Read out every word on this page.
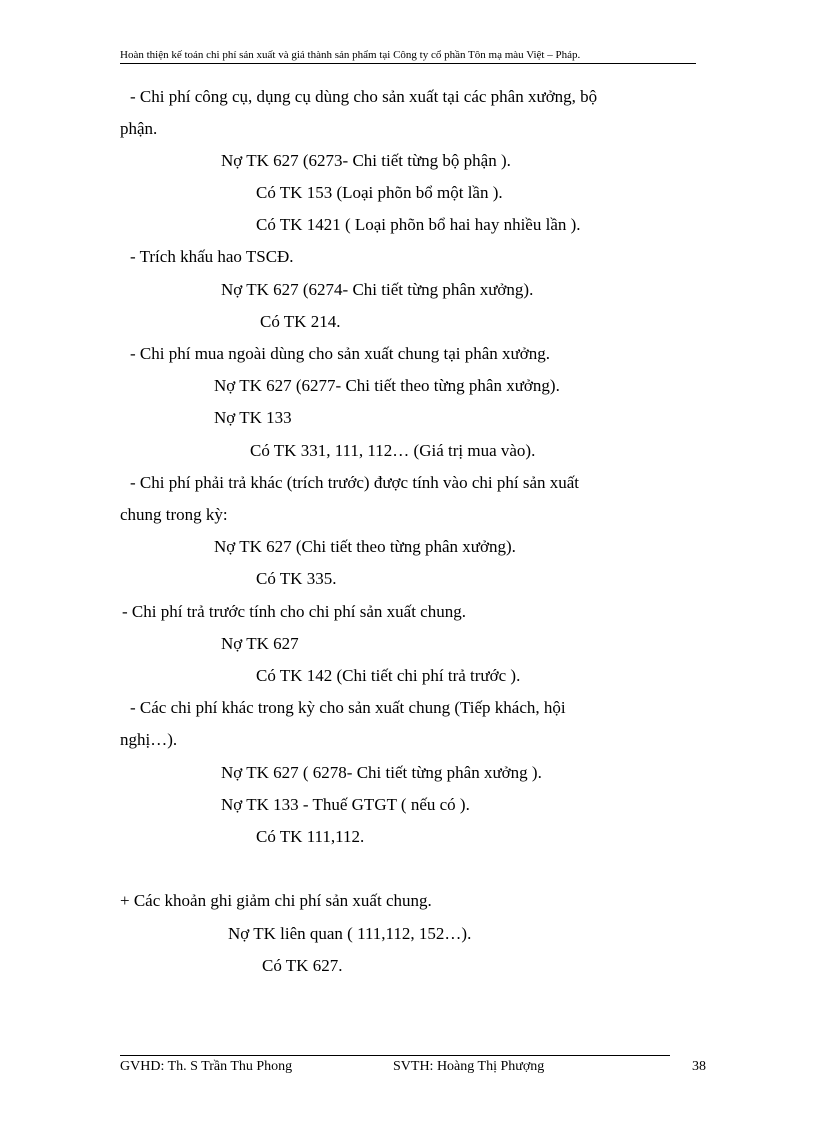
Hoàn thiện kế toán chi phí sản xuất và giá thành sản phẩm tại Công ty cổ phần Tôn mạ màu Việt – Pháp.
- Chi phí công cụ, dụng cụ dùng cho sản xuất tại các phân xưởng, bộ
phận.
Nợ TK 627 (6273- Chi tiết từng bộ phận ).
Có TK 153 (Loại phõn bổ một lần ).
Có TK 1421 ( Loại phõn bổ hai hay nhiều lần ).
- Trích khấu hao TSCĐ.
Nợ TK 627 (6274- Chi tiết từng phân xưởng).
Có TK 214.
- Chi phí mua ngoài dùng cho sản xuất chung tại phân xưởng.
Nợ TK 627 (6277- Chi tiết theo từng phân xưởng).
Nợ TK 133
Có TK 331, 111, 112… (Giá trị mua vào).
- Chi phí phải trả khác (trích trước) được tính vào chi phí sản xuất
chung trong kỳ:
Nợ TK 627 (Chi tiết theo từng phân xưởng).
Có TK 335.
- Chi phí trả trước tính cho chi phí sản xuất chung.
Nợ TK 627
Có TK 142 (Chi tiết chi phí trả trước ).
- Các chi phí khác trong kỳ cho sản xuất chung (Tiếp khách, hội
nghị…).
Nợ TK 627 ( 6278- Chi tiết từng phân xưởng ).
Nợ TK 133 - Thuế GTGT ( nếu có ).
Có TK 111,112.
+ Các khoản ghi giảm chi phí sản xuất chung.
Nợ TK liên quan ( 111,112, 152…).
Có TK 627.
GVHD: Th. S Trần Thu Phong	SVTH: Hoàng Thị Phượng	38
